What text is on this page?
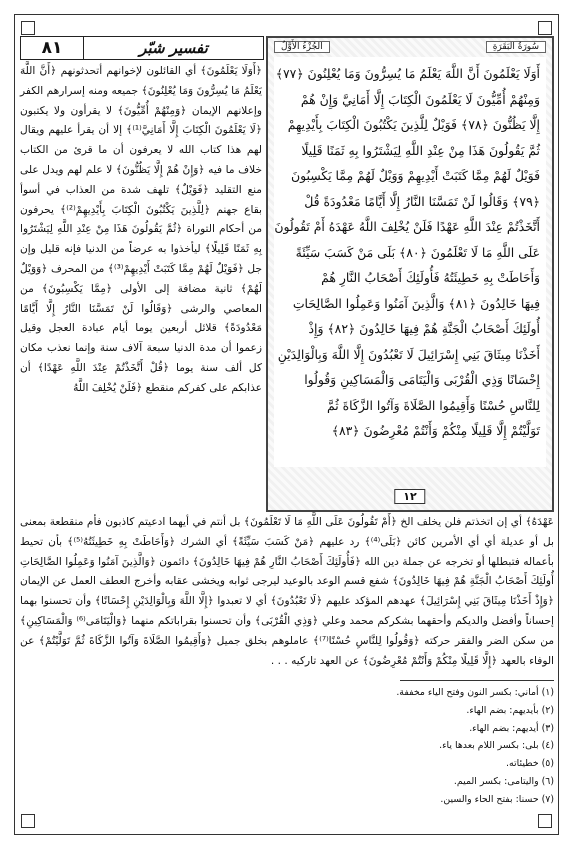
تفسير شبّر
٨١	سُورَةُ البَقَرَةِ
الجُزْءُ الأَوَّلُ
أَوَلَا يَعْلَمُونَ أَنَّ اللَّهَ يَعْلَمُ مَا يُسِرُّونَ وَمَا يُعْلِنُونَ ﴿٧٧﴾
وَمِنْهُمْ أُمِّيُّونَ لَا يَعْلَمُونَ الْكِتَابَ إِلَّا أَمَانِيَّ وَإِنْ هُمْ
إِلَّا يَظُنُّونَ ﴿٧٨﴾ فَوَيْلٌ لِلَّذِينَ يَكْتُبُونَ الْكِتَابَ بِأَيْدِيهِمْ
ثُمَّ يَقُولُونَ هَذَا مِنْ عِنْدِ اللَّهِ لِيَشْتَرُوا بِهِ ثَمَنًا قَلِيلًا
فَوَيْلٌ لَهُمْ مِمَّا كَتَبَتْ أَيْدِيهِمْ وَوَيْلٌ لَهُمْ مِمَّا يَكْسِبُونَ
﴿٧٩﴾ وَقَالُوا لَنْ تَمَسَّنَا النَّارُ إِلَّا أَيَّامًا مَعْدُودَةً قُلْ
أَتَّخَذْتُمْ عِنْدَ اللَّهِ عَهْدًا فَلَنْ يُخْلِفَ اللَّهُ عَهْدَهُ أَمْ تَقُولُونَ
عَلَى اللَّهِ مَا لَا تَعْلَمُونَ ﴿٨٠﴾ بَلَى مَنْ كَسَبَ سَيِّئَةً
وَأَحَاطَتْ بِهِ خَطِيئَتُهُ فَأُولَئِكَ أَصْحَابُ النَّارِ هُمْ
فِيهَا خَالِدُونَ ﴿٨١﴾ وَالَّذِينَ آمَنُوا وَعَمِلُوا الصَّالِحَاتِ
أُولَئِكَ أَصْحَابُ الْجَنَّةِ هُمْ فِيهَا خَالِدُونَ ﴿٨٢﴾ وَإِذْ
أَخَذْنَا مِيثَاقَ بَنِي إِسْرَائِيلَ لَا تَعْبُدُونَ إِلَّا اللَّهَ وَبِالْوَالِدَيْنِ
إِحْسَانًا وَذِي الْقُرْبَى وَالْيَتَامَى وَالْمَسَاكِينِ وَقُولُوا
لِلنَّاسِ حُسْنًا وَأَقِيمُوا الصَّلَاةَ وَآتُوا الزَّكَاةَ ثُمَّ
تَوَلَّيْتُمْ إِلَّا قَلِيلًا مِنْكُمْ وَأَنْتُمْ مُعْرِضُونَ ﴿٨٣﴾
١٢

﴿أَوَلَا يَعْلَمُونَ﴾ أي القائلون لإخوانهم أتحدثونهم ﴿أَنَّ اللَّهَ يَعْلَمُ مَا يُسِرُّونَ وَمَا يُعْلِنُونَ﴾ جميعه ومنه إسرارهم الكفر وإعلانهم الإيمان ﴿وَمِنْهُمْ أُمِّيُّونَ﴾ لا يقرأون ولا يكتبون ﴿لَا يَعْلَمُونَ الْكِتَابَ إِلَّا أَمَانِيَّ⁽¹⁾﴾ إلا أن يقرأ عليهم ويقال لهم هذا كتاب الله لا يعرفون أن ما قرئ من الكتاب خلاف ما فيه ﴿وَإِنْ هُمْ إِلَّا يَظُنُّونَ﴾ لا علم لهم ويدل على منع التقليد ﴿فَوَيْلٌ﴾ تلهف شدة من العذاب في أسوأ بقاع جهنم ﴿لِلَّذِينَ يَكْتُبُونَ الْكِتَابَ بِأَيْدِيهِمْ⁽²⁾﴾ يحرفون من أحكام التوراة ﴿ثُمَّ يَقُولُونَ هَذَا مِنْ عِنْدِ اللَّهِ لِيَشْتَرُوا بِهِ ثَمَنًا قَلِيلًا﴾ ليأخذوا به عرضاً من الدنيا فإنه قليل وإن جل ﴿فَوَيْلٌ لَهُمْ مِمَّا كَتَبَتْ أَيْدِيهِمْ⁽³⁾﴾ من المحرف ﴿وَوَيْلٌ لَهُمْ﴾ ثانية مضافة إلى الأولى ﴿مِمَّا يَكْسِبُونَ﴾ من المعاصي والرشى ﴿وَقَالُوا لَنْ تَمَسَّنَا النَّارُ إِلَّا أَيَّامًا مَعْدُودَةً﴾ قلائل أربعين يوما أيام عبادة العجل وقيل زعموا أن مدة الدنيا سبعة آلاف سنة وإنما نعذب مكان كل ألف سنة يوما ﴿قُلْ أَتَّخَذْتُمْ عِنْدَ اللَّهِ عَهْدًا﴾ أن عذابكم على كفركم منقطع ﴿فَلَنْ يُخْلِفَ اللَّهُ

عَهْدَهُ﴾ أي إن اتخذتم فلن يخلف الخ ﴿أَمْ تَقُولُونَ عَلَى اللَّهِ مَا لَا تَعْلَمُونَ﴾ بل أنتم في أيهما ادعيتم كاذبون فأم منقطعة بمعنى بل أو عديلة أي أي الأمرين كائن ﴿بَلَى⁽⁴⁾﴾ رد عليهم ﴿مَنْ كَسَبَ سَيِّئَةً﴾ أي الشرك ﴿وَأَحَاطَتْ بِهِ خَطِيئَتُهُ⁽⁵⁾﴾ بأن تحيط بأعماله فتبطلها أو تخرجه عن جملة دين الله ﴿فَأُولَئِكَ أَصْحَابُ النَّارِ هُمْ فِيهَا خَالِدُونَ﴾ دائمون ﴿وَالَّذِينَ آمَنُوا وَعَمِلُوا الصَّالِحَاتِ أُولَئِكَ أَصْحَابُ الْجَنَّةِ هُمْ فِيهَا خَالِدُونَ﴾ شفع قسم الوعد بالوعيد ليرجى ثوابه ويخشى عقابه وأخرج العطف العمل عن الإيمان ﴿وَإِذْ أَخَذْنَا مِيثَاقَ بَنِي إِسْرَائِيلَ﴾ عهدهم المؤكد عليهم ﴿لَا تَعْبُدُونَ﴾ أي لا تعبدوا ﴿إِلَّا اللَّهَ وَبِالْوَالِدَيْنِ إِحْسَانًا﴾ وأن تحسنوا بهما إحساناً وأفضل والديكم وأحقهما بشكركم محمد وعلي ﴿وَذِي الْقُرْبَى﴾ وأن تحسنوا بقراباتكم منهما ﴿وَالْيَتَامَى⁽⁶⁾ وَالْمَسَاكِينِ﴾ من سكن الضر والفقر حركته ﴿وَقُولُوا لِلنَّاسِ حُسْنًا⁽⁷⁾﴾ عاملوهم بخلق جميل ﴿وَأَقِيمُوا الصَّلَاةَ وَآتُوا الزَّكَاةَ ثُمَّ تَوَلَّيْتُمْ﴾ عن الوفاء بالعهد ﴿إِلَّا قَلِيلًا مِنْكُمْ وَأَنْتُمْ مُعْرِضُونَ﴾ عن العهد تاركيه . . .

(١) أماني: بكسر النون وفتح الياء مخففة.
(٢) بأيديهم: بضم الهاء.
(٣) أيديهم: بضم الهاء.
(٤) بلى: بكسر اللام بعدها ياء.
(٥) خطيئاته.
(٦) واليتامى: بكسر الميم.
(٧) حسنا: بفتح الحاء والسين.
